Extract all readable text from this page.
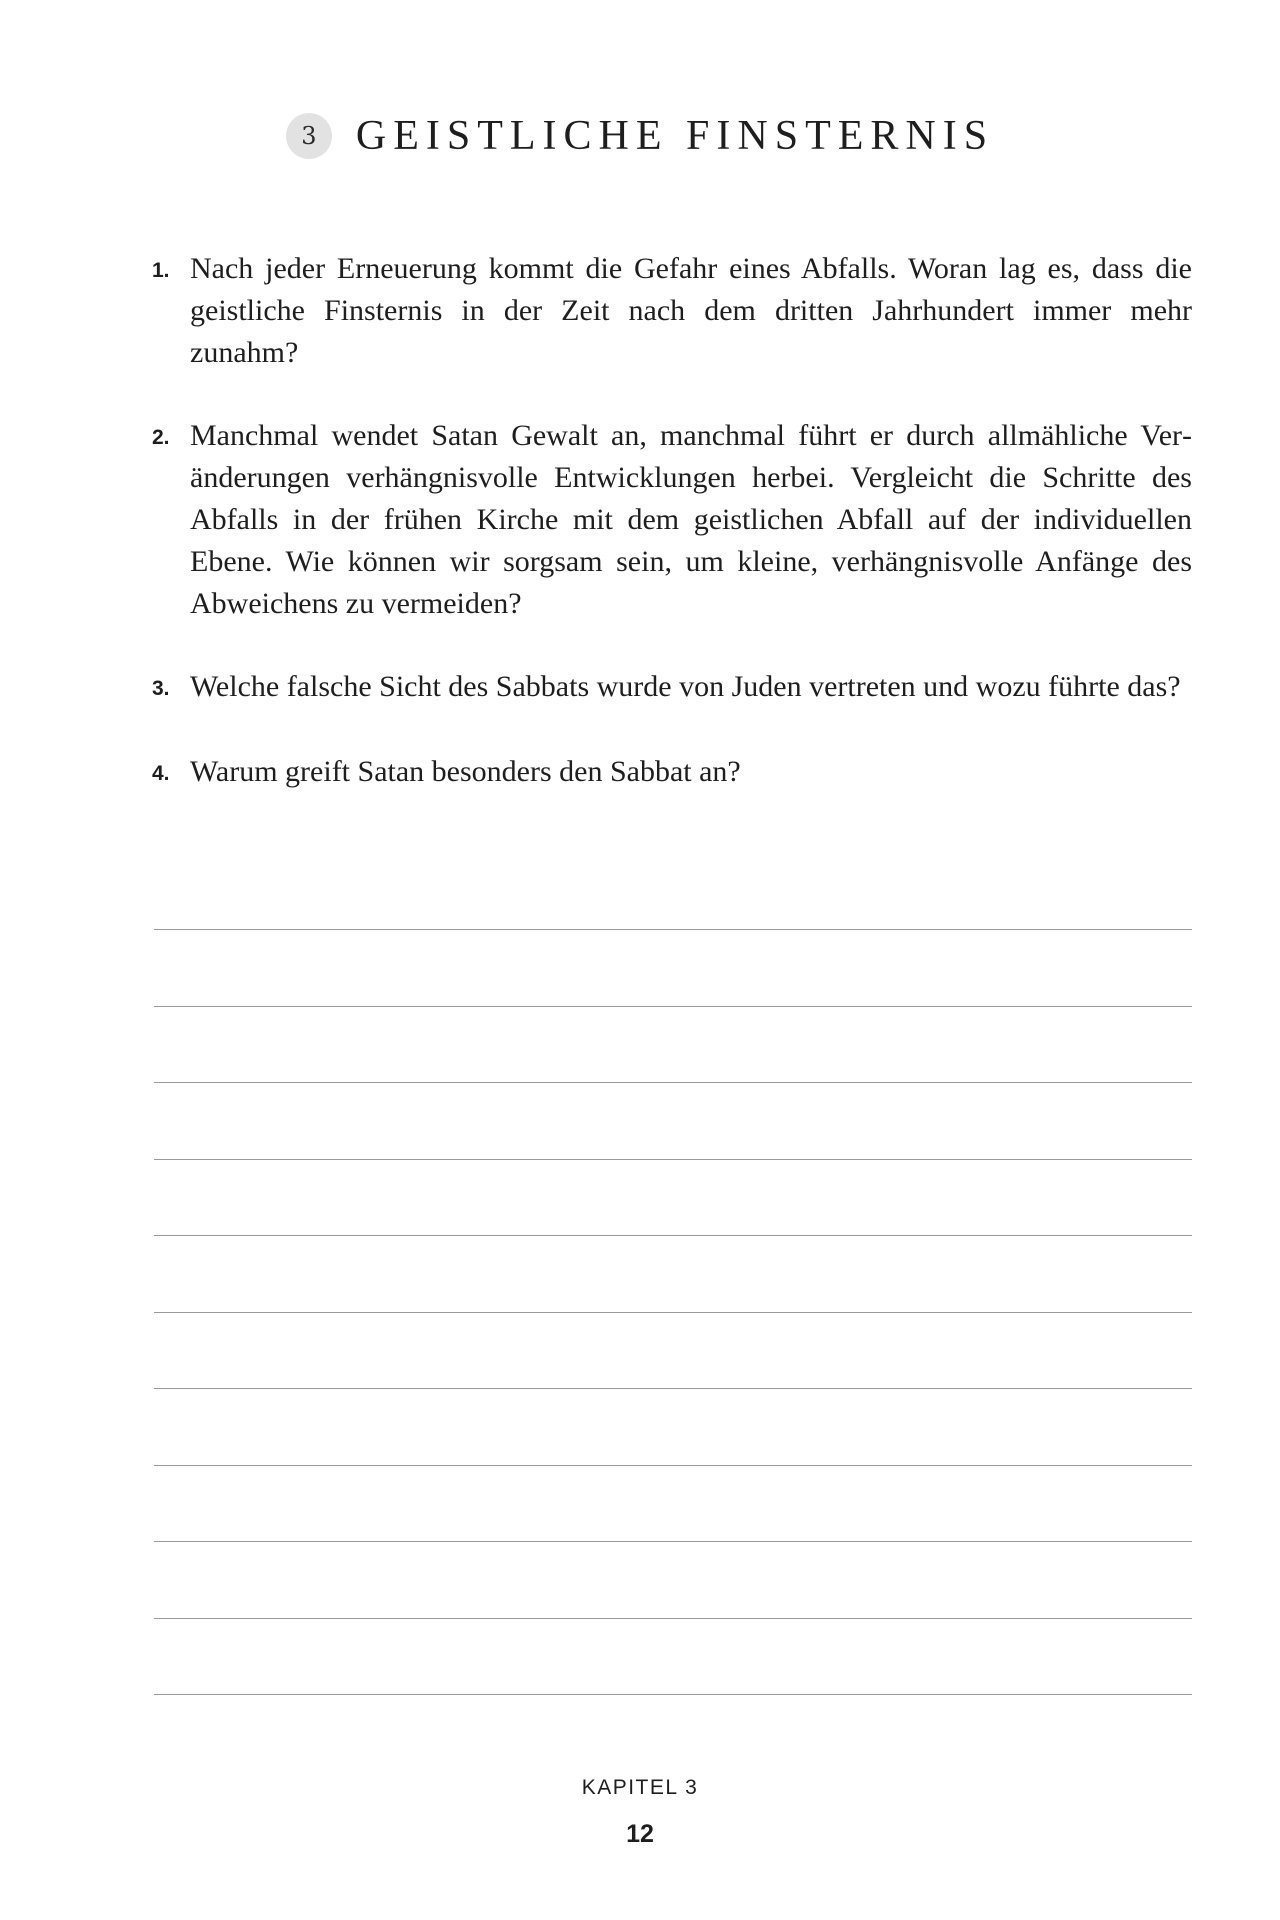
3 GEISTLICHE FINSTERNIS
1. Nach jeder Erneuerung kommt die Gefahr eines Abfalls. Woran lag es, dass die geistliche Finsternis in der Zeit nach dem dritten Jahrhundert immer mehr zunahm?
2. Manchmal wendet Satan Gewalt an, manchmal führt er durch allmähliche Veränderungen verhängnisvolle Entwicklungen herbei. Vergleicht die Schritte des Abfalls in der frühen Kirche mit dem geistlichen Abfall auf der individuellen Ebene. Wie können wir sorgsam sein, um kleine, verhängnisvolle Anfänge des Abweichens zu vermeiden?
3. Welche falsche Sicht des Sabbats wurde von Juden vertreten und wozu führte das?
4. Warum greift Satan besonders den Sabbat an?
KAPITEL 3
12
